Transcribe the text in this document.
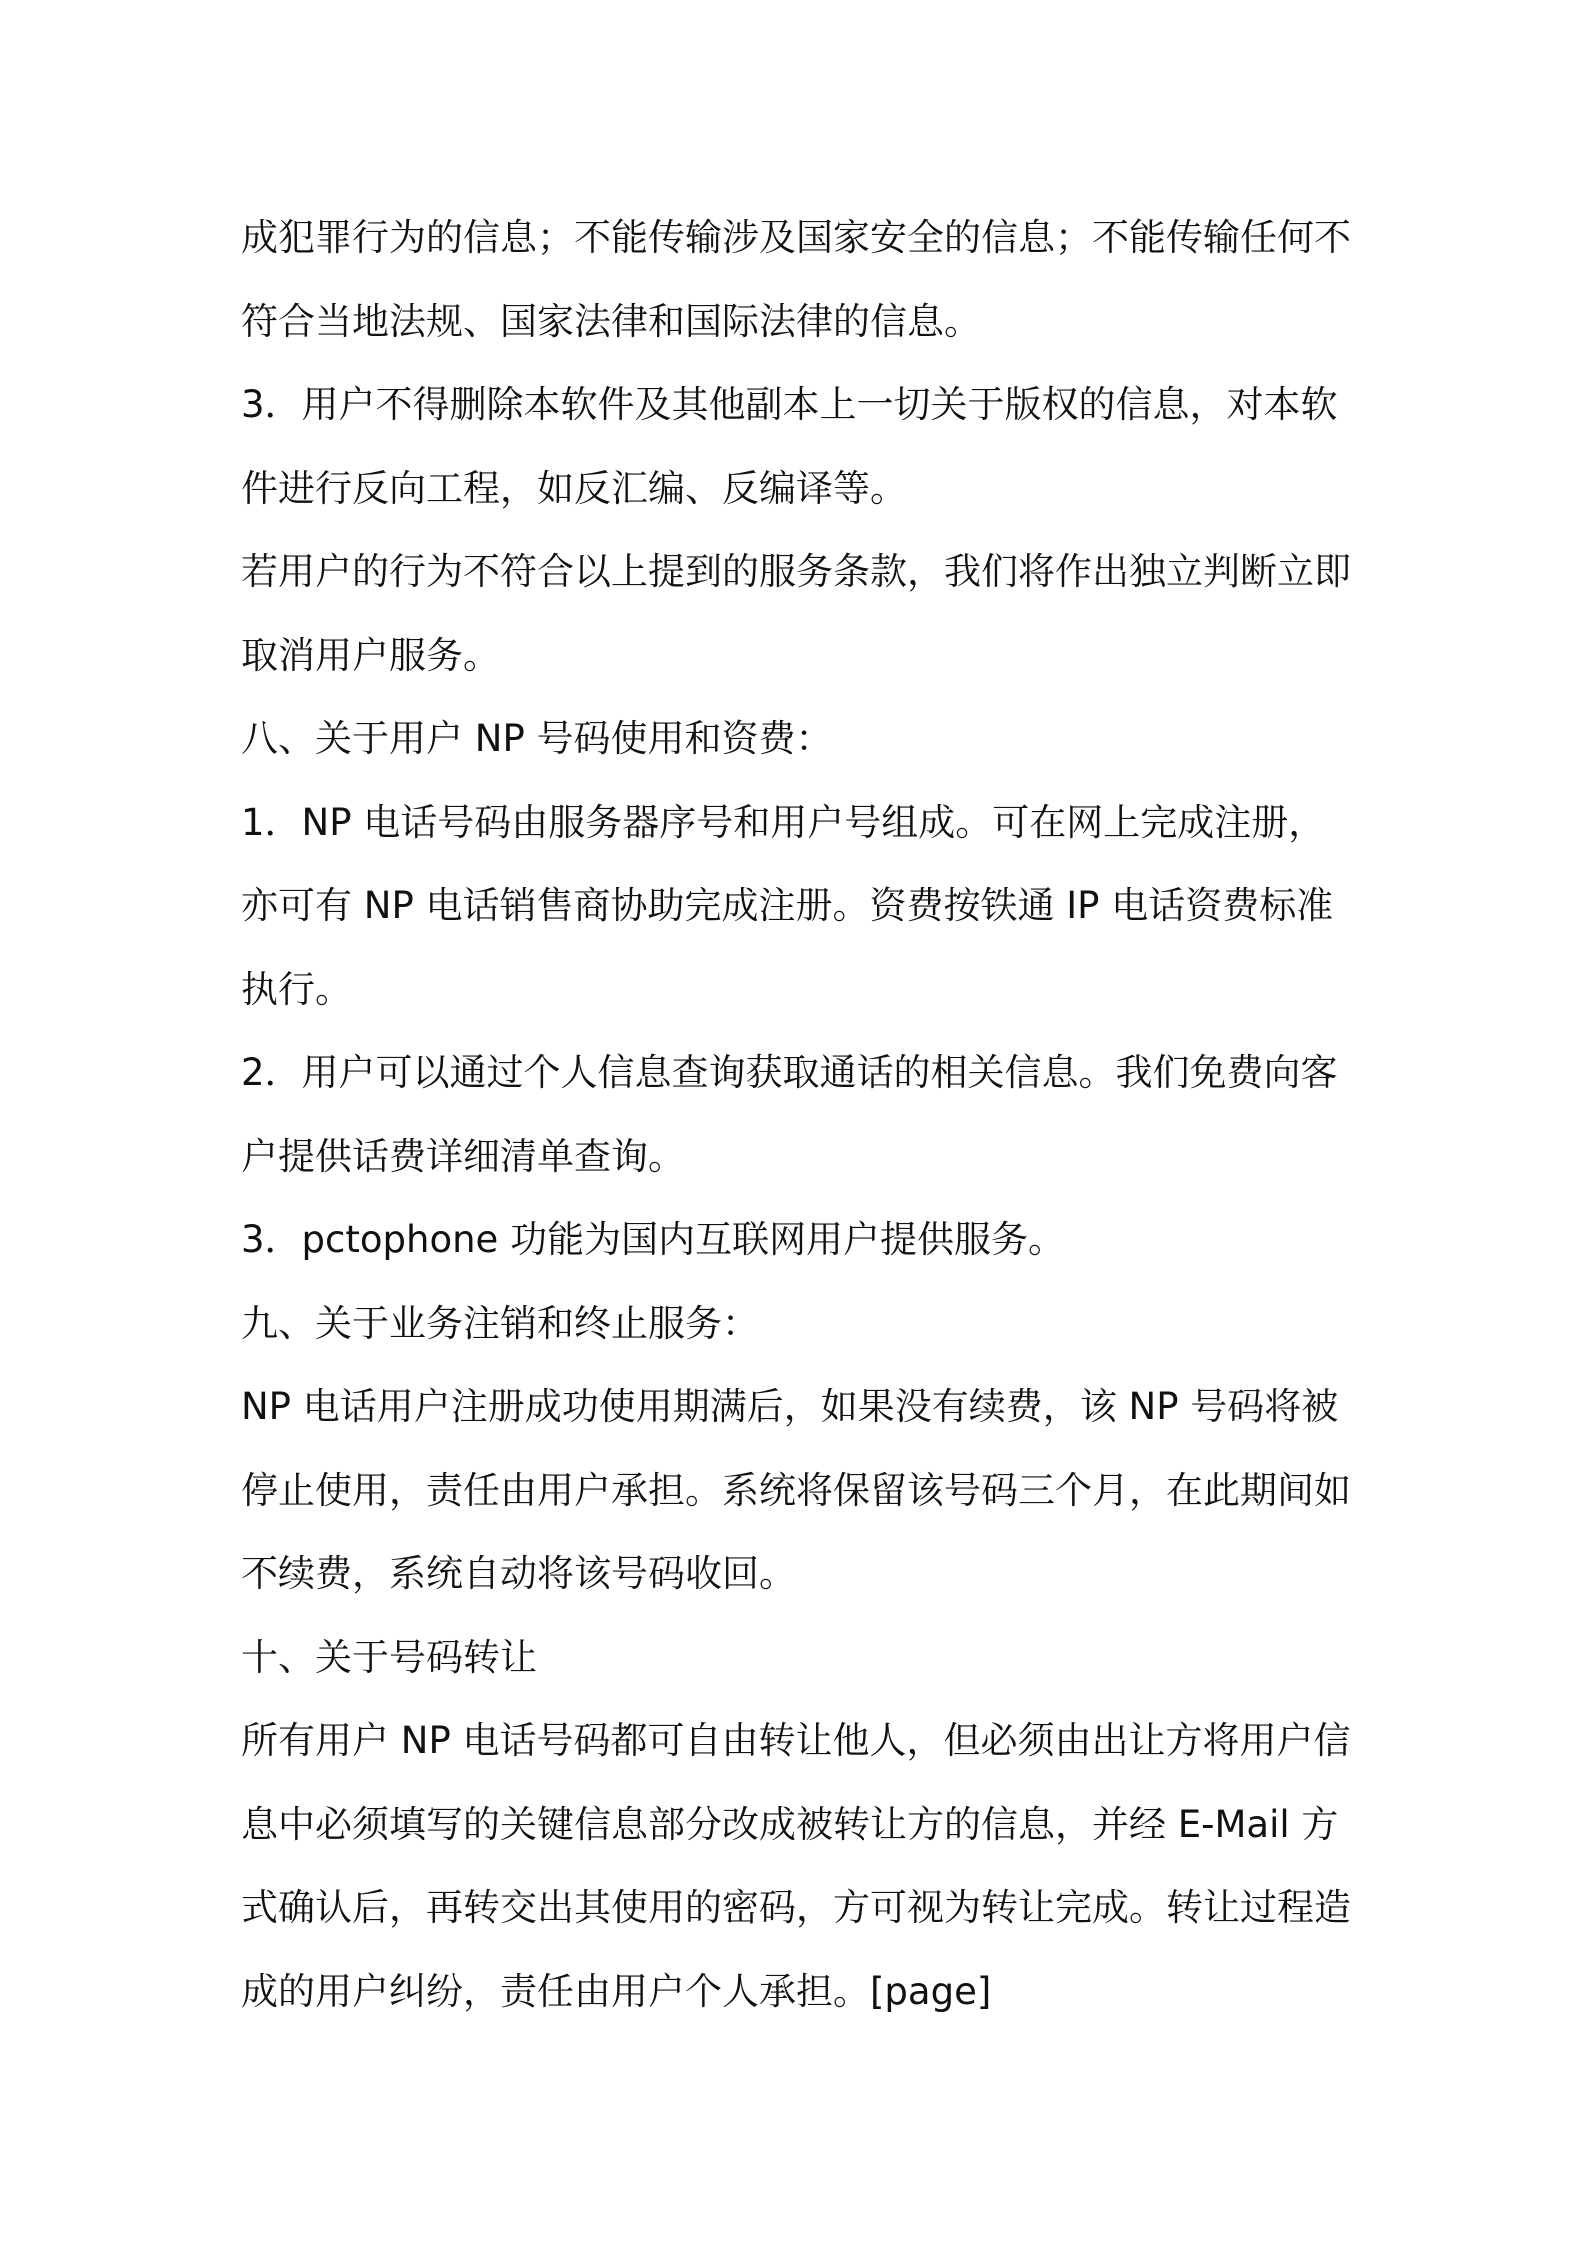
成犯罪行为的信息；不能传输涉及国家安全的信息；不能传输任何不
符合当地法规、国家法律和国际法律的信息。
3．用户不得删除本软件及其他副本上一切关于版权的信息，对本软
件进行反向工程，如反汇编、反编译等。
若用户的行为不符合以上提到的服务条款，我们将作出独立判断立即
取消用户服务。
八、关于用户 NP 号码使用和资费：
1．NP 电话号码由服务器序号和用户号组成。可在网上完成注册，
亦可有 NP 电话销售商协助完成注册。资费按铁通 IP 电话资费标准
执行。
2．用户可以通过个人信息查询获取通话的相关信息。我们免费向客
户提供话费详细清单查询。
3．pctophone 功能为国内互联网用户提供服务。
九、关于业务注销和终止服务：
NP 电话用户注册成功使用期满后，如果没有续费，该 NP 号码将被
停止使用，责任由用户承担。系统将保留该号码三个月，在此期间如
不续费，系统自动将该号码收回。
十、关于号码转让
所有用户 NP 电话号码都可自由转让他人，但必须由出让方将用户信
息中必须填写的关键信息部分改成被转让方的信息，并经 E-Mail 方
式确认后，再转交出其使用的密码，方可视为转让完成。转让过程造
成的用户纠纷，责任由用户个人承担。[page]
